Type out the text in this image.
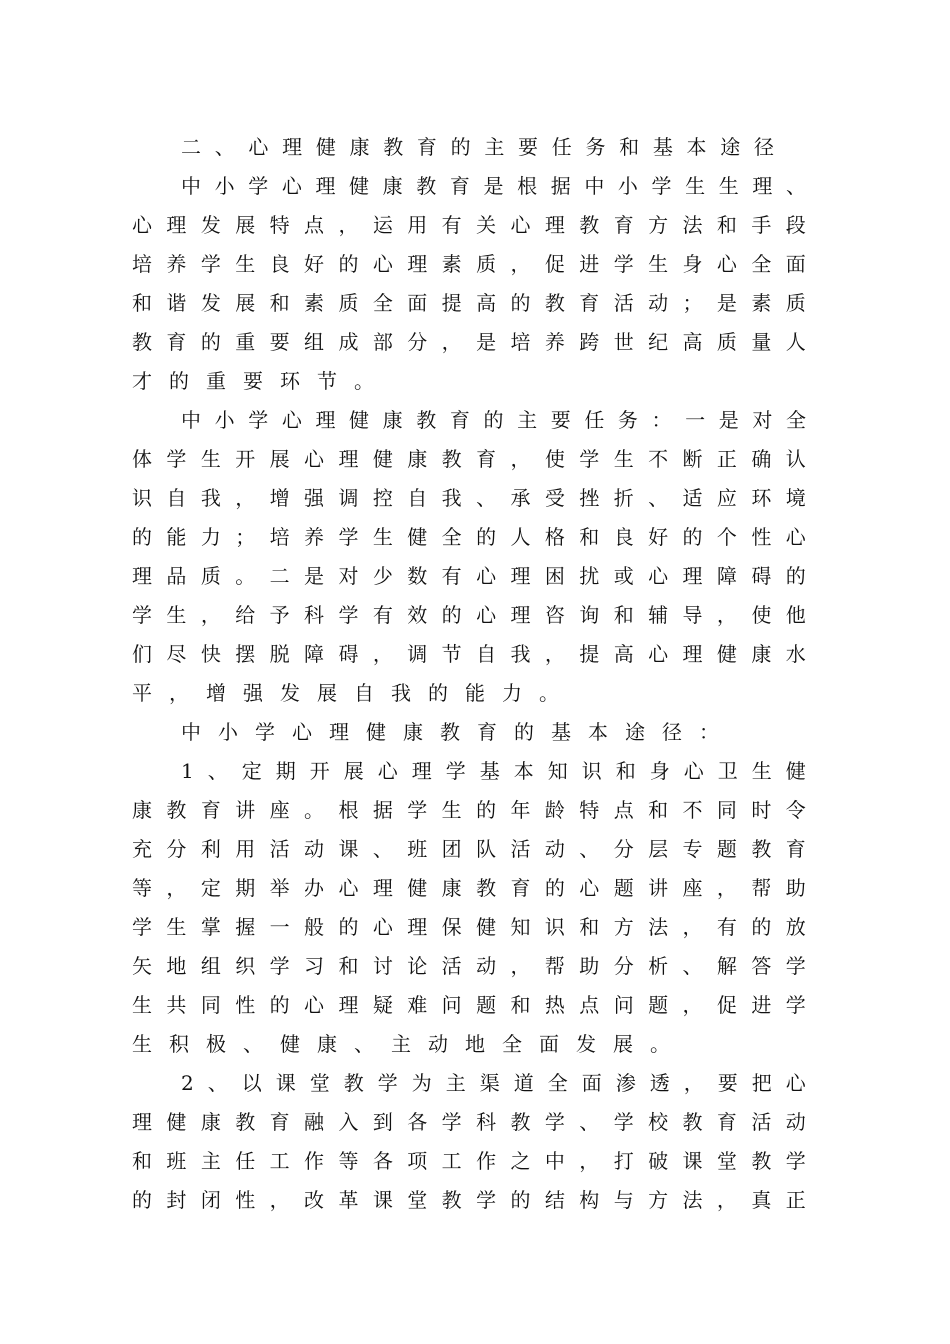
二 、 心 理 健 康 教 育 的 主 要 任 务 和 基 本 途 径
中 小 学 心 理 健 康 教 育 是 根 据 中 小 学 生 生 理 、
心 理 发 展 特 点 ， 运 用 有 关 心 理 教 育 方 法 和 手 段
培 养 学 生 良 好 的 心 理 素 质 ， 促 进 学 生 身 心 全 面
和 谐 发 展 和 素 质 全 面 提 高 的 教 育 活 动 ； 是 素 质
教 育 的 重 要 组 成 部 分 ， 是 培 养 跨 世 纪 高 质 量 人
才 的 重 要 环 节 。
中 小 学 心 理 健 康 教 育 的 主 要 任 务 ： 一 是 对 全
体 学 生 开 展 心 理 健 康 教 育 ， 使 学 生 不 断 正 确 认
识 自 我 ， 增 强 调 控 自 我 、 承 受 挫 折 、 适 应 环 境
的 能 力 ； 培 养 学 生 健 全 的 人 格 和 良 好 的 个 性 心
理 品 质 。 二 是 对 少 数 有 心 理 困 扰 或 心 理 障 碍 的
学 生 ， 给 予 科 学 有 效 的 心 理 咨 询 和 辅 导 ， 使 他
们 尽 快 摆 脱 障 碍 ， 调 节 自 我 ， 提 高 心 理 健 康 水
平 ， 增 强 发 展 自 我 的 能 力 。
中 小 学 心 理 健 康 教 育 的 基 本 途 径 ：
1 、 定 期 开 展 心 理 学 基 本 知 识 和 身 心 卫 生 健
康 教 育 讲 座 。 根 据 学 生 的 年 龄 特 点 和 不 同 时 令
充 分 利 用 活 动 课 、 班 团 队 活 动 、 分 层 专 题 教 育
等 ， 定 期 举 办 心 理 健 康 教 育 的 心 题 讲 座 ， 帮 助
学 生 掌 握 一 般 的 心 理 保 健 知 识 和 方 法 ， 有 的 放
矢 地 组 织 学 习 和 讨 论 活 动 ， 帮 助 分 析 、 解 答 学
生 共 同 性 的 心 理 疑 难 问 题 和 热 点 问 题 ， 促 进 学
生 积 极 、 健 康 、 主 动 地 全 面 发 展 。
2 、 以 课 堂 教 学 为 主 渠 道 全 面 渗 透 ， 要 把 心
理 健 康 教 育 融 入 到 各 学 科 教 学 、 学 校 教 育 活 动
和 班 主 任 工 作 等 各 项 工 作 之 中 ， 打 破 课 堂 教 学
的 封 闭 性 ， 改 革 课 堂 教 学 的 结 构 与 方 法 ， 真 正
